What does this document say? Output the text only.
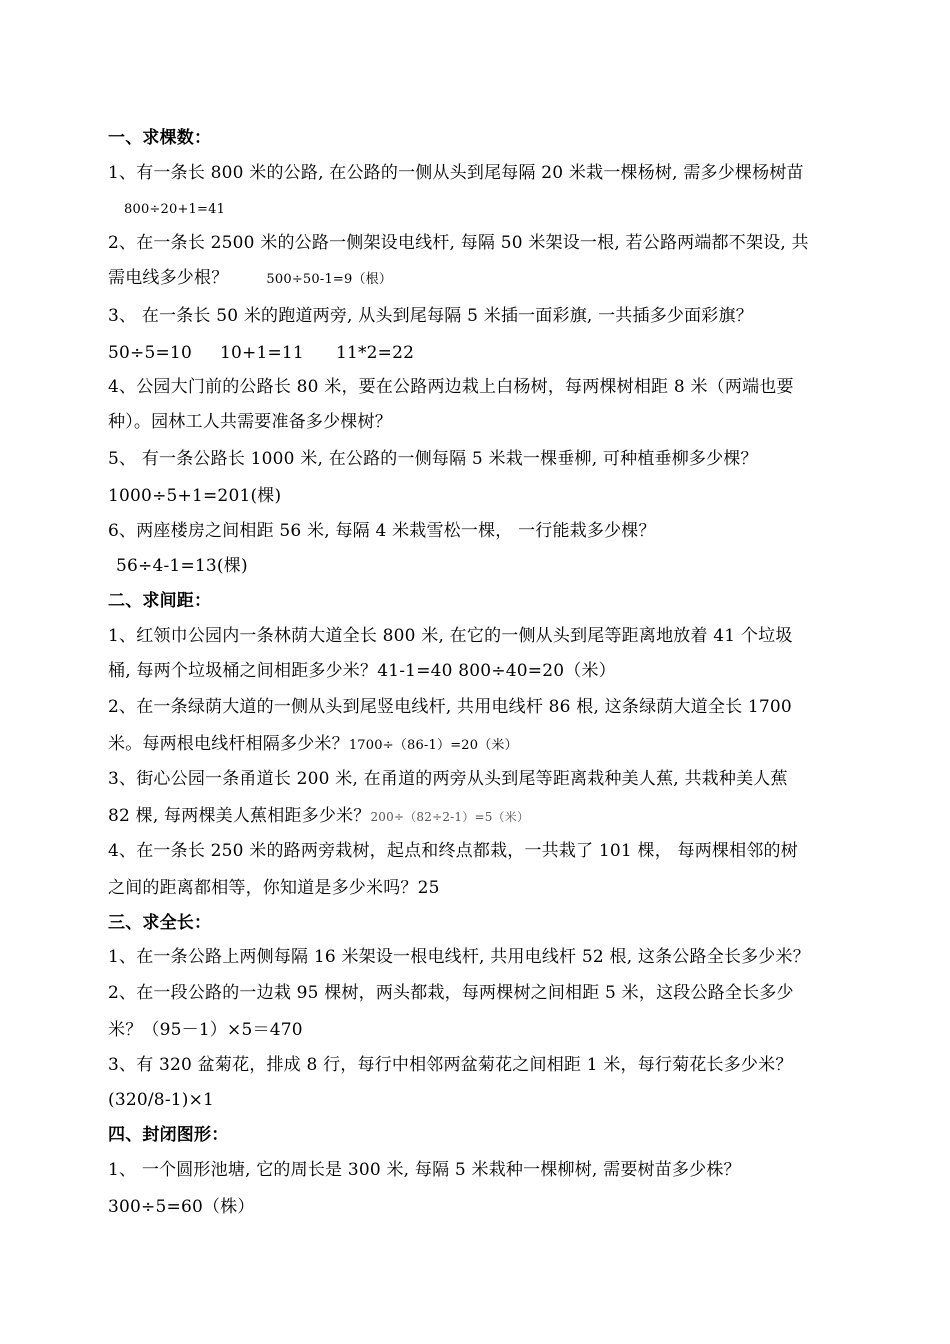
一、求棵数：
1、有一条长 800 米的公路, 在公路的一侧从头到尾每隔 20 米栽一棵杨树, 需多少棵杨树苗
800÷20+1=41
2、在一条长 2500 米的公路一侧架设电线杆, 每隔 50 米架设一根, 若公路两端都不架设, 共
需电线多少根？	500÷50-1=9（根）
3、 在一条长 50 米的跑道两旁, 从头到尾每隔 5 米插一面彩旗, 一共插多少面彩旗？
50÷5=10 10+1=11 11*2=22
4、公园大门前的公路长 80 米，要在公路两边栽上白杨树，每两棵树相距 8 米（两端也要
种）。园林工人共需要准备多少棵树？
5、 有一条公路长 1000 米, 在公路的一侧每隔 5 米栽一棵垂柳, 可种植垂柳多少棵？
1000÷5+1=201(棵)
6、两座楼房之间相距 56 米, 每隔 4 米栽雪松一棵， 一行能栽多少棵？
56÷4-1=13(棵)
二、求间距：
1、红领巾公园内一条林荫大道全长 800 米, 在它的一侧从头到尾等距离地放着 41 个垃圾
桶, 每两个垃圾桶之间相距多少米？41-1=40 800÷40=20（米）
2、在一条绿荫大道的一侧从头到尾竖电线杆, 共用电线杆 86 根, 这条绿荫大道全长 1700
米。每两根电线杆相隔多少米？1700÷（86-1）=20（米）
3、街心公园一条甬道长 200 米, 在甬道的两旁从头到尾等距离栽种美人蕉, 共栽种美人蕉
82 棵, 每两棵美人蕉相距多少米？200÷（82÷2-1）=5（米）
4、在一条长 250 米的路两旁栽树，起点和终点都栽，一共栽了 101 棵， 每两棵相邻的树
之间的距离都相等，你知道是多少米吗？25
三、求全长：
1、在一条公路上两侧每隔 16 米架设一根电线杆, 共用电线杆 52 根, 这条公路全长多少米？
2、在一段公路的一边栽 95 棵树，两头都栽，每两棵树之间相距 5 米，这段公路全长多少
米？（95－1）×5＝470
3、有 320 盆菊花，排成 8 行，每行中相邻两盆菊花之间相距 1 米，每行菊花长多少米？
(320/8-1)×1
四、封闭图形：
1、 一个圆形池塘, 它的周长是 300 米, 每隔 5 米栽种一棵柳树, 需要树苗多少株？
300÷5=60（株）
